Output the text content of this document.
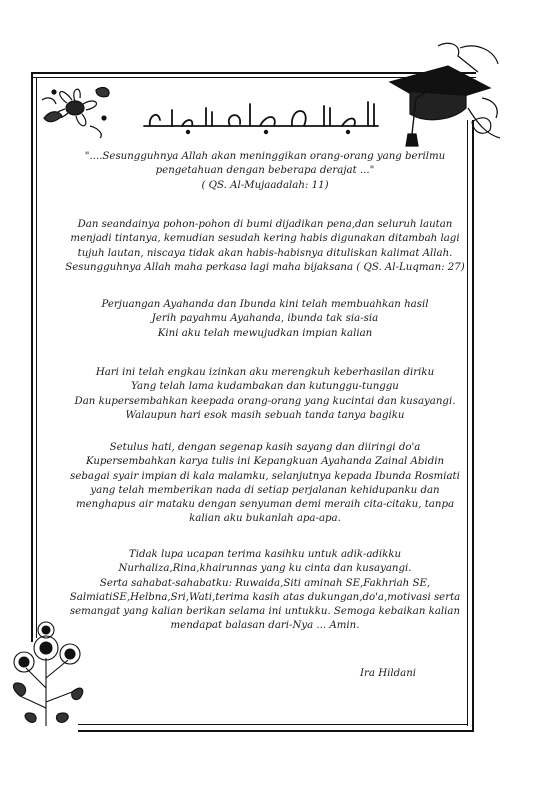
"....Sesungguhnya Allah akan meninggikan orang-orang yang berilmu
pengetahuan dengan beberapa derajat ..."
( QS. Al-Mujaadalah: 11)
Dan seandainya pohon-pohon di bumi dijadikan pena,dan seluruh lautan
menjadi tintanya, kemudian sesudah kering habis digunakan ditambah lagi
tujuh lautan, niscaya tidak akan habis-habisnya dituliskan kalimat Allah.
Sesungguhnya Allah maha perkasa lagi maha bijaksana ( QS. Al-Luqman: 27)
Perjuangan Ayahanda dan Ibunda kini telah membuahkan hasil
Jerih payahmu Ayahanda, ibunda tak sia-sia
Kini aku telah mewujudkan impian kalian
Hari ini telah engkau izinkan aku merengkuh keberhasilan diriku
Yang telah lama kudambakan dan kutunggu-tunggu
Dan kupersembahkan keepada orang-orang yang kucintai dan kusayangi.
Walaupun hari esok masih sebuah tanda tanya bagiku
Setulus hati, dengan segenap kasih sayang dan diiringi do'a
Kupersembahkan karya tulis ini Kepangkuan Ayahanda Zainal Abidin
sebagai syair impian di kala malamku, selanjutnya kepada Ibunda Rosmiati
yang telah memberikan nada di setiap perjalanan kehidupanku dan
menghapus air mataku dengan senyuman demi meraih cita-citaku, tanpa
kalian aku bukanlah apa-apa.
Tidak lupa ucapan terima kasihku untuk adik-adikku
Nurhaliza,Rina,khairunnas yang ku cinta dan kusayangi.
Serta sahabat-sahabatku: Ruwaida,Siti aminah SE,Fakhriah SE,
SalmiatiSE,Helbna,Sri,Wati,terima kasih atas dukungan,do'a,motivasi serta
semangat yang kalian berikan selama ini untukku. Semoga kebaikan kalian
mendapat balasan dari-Nya ... Amin.
Ira Hildani
